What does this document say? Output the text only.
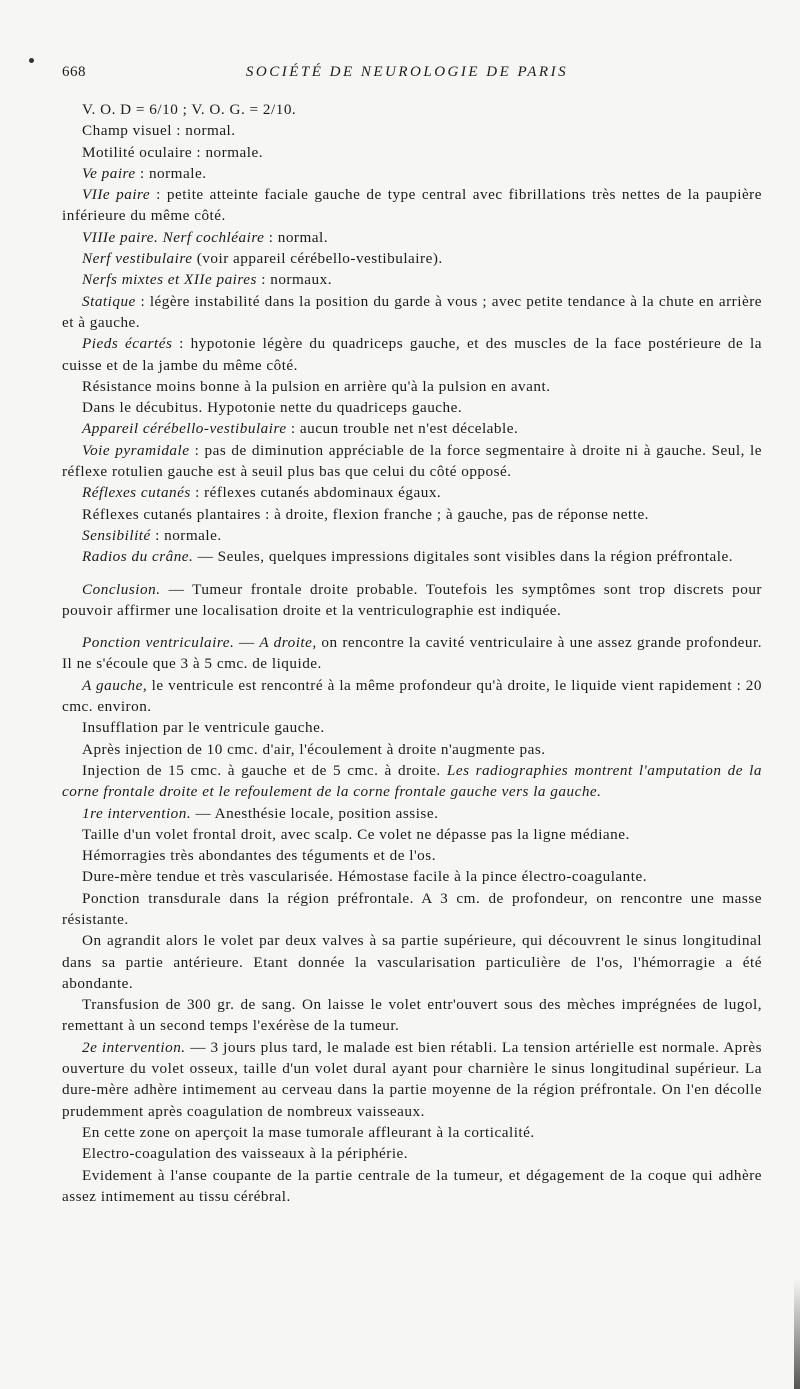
668	SOCIÉTÉ DE NEUROLOGIE DE PARIS

V. O. D = 6/10 ; V. O. G. = 2/10.

Champ visuel : normal.

Motilité oculaire : normale.

Ve paire : normale.

VIIe paire : petite atteinte faciale gauche de type central avec fibrillations très nettes de la paupière inférieure du même côté.

VIIIe paire. Nerf cochléaire : normal.

Nerf vestibulaire (voir appareil cérébello-vestibulaire).

Nerfs mixtes et XIIe paires : normaux.

Statique : légère instabilité dans la position du garde à vous ; avec petite tendance à la chute en arrière et à gauche.

Pieds écartés : hypotonie légère du quadriceps gauche, et des muscles de la face postérieure de la cuisse et de la jambe du même côté.

Résistance moins bonne à la pulsion en arrière qu'à la pulsion en avant.

Dans le décubitus. Hypotonie nette du quadriceps gauche.

Appareil cérébello-vestibulaire : aucun trouble net n'est décelable.

Voie pyramidale : pas de diminution appréciable de la force segmentaire à droite ni à gauche. Seul, le réflexe rotulien gauche est à seuil plus bas que celui du côté opposé.

Réflexes cutanés : réflexes cutanés abdominaux égaux.

Réflexes cutanés plantaires : à droite, flexion franche ; à gauche, pas de réponse nette.

Sensibilité : normale.

Radios du crâne. — Seules, quelques impressions digitales sont visibles dans la région préfrontale.

Conclusion. — Tumeur frontale droite probable. Toutefois les symptômes sont trop discrets pour pouvoir affirmer une localisation droite et la ventriculographie est indiquée.

Ponction ventriculaire. — A droite, on rencontre la cavité ventriculaire à une assez grande profondeur. Il ne s'écoule que 3 à 5 cmc. de liquide.

A gauche, le ventricule est rencontré à la même profondeur qu'à droite, le liquide vient rapidement : 20 cmc. environ.

Insufflation par le ventricule gauche.

Après injection de 10 cmc. d'air, l'écoulement à droite n'augmente pas.

Injection de 15 cmc. à gauche et de 5 cmc. à droite. Les radiographies montrent l'amputation de la corne frontale droite et le refoulement de la corne frontale gauche vers la gauche.

1re intervention. — Anesthésie locale, position assise.

Taille d'un volet frontal droit, avec scalp. Ce volet ne dépasse pas la ligne médiane.

Hémorragies très abondantes des téguments et de l'os.

Dure-mère tendue et très vascularisée. Hémostase facile à la pince électro-coagulante.

Ponction transdurale dans la région préfrontale. A 3 cm. de profondeur, on rencontre une masse résistante.

On agrandit alors le volet par deux valves à sa partie supérieure, qui découvrent le sinus longitudinal dans sa partie antérieure. Etant donnée la vascularisation particulière de l'os, l'hémorragie a été abondante.

Transfusion de 300 gr. de sang. On laisse le volet entr'ouvert sous des mèches imprégnées de lugol, remettant à un second temps l'exérèse de la tumeur.

2e intervention. — 3 jours plus tard, le malade est bien rétabli. La tension artérielle est normale. Après ouverture du volet osseux, taille d'un volet dural ayant pour charnière le sinus longitudinal supérieur. La dure-mère adhère intimement au cerveau dans la partie moyenne de la région préfrontale. On l'en décolle prudemment après coagulation de nombreux vaisseaux.

En cette zone on aperçoit la mase tumorale affleurant à la corticalité.

Electro-coagulation des vaisseaux à la périphérie.

Evidement à l'anse coupante de la partie centrale de la tumeur, et dégagement de la coque qui adhère assez intimement au tissu cérébral.
